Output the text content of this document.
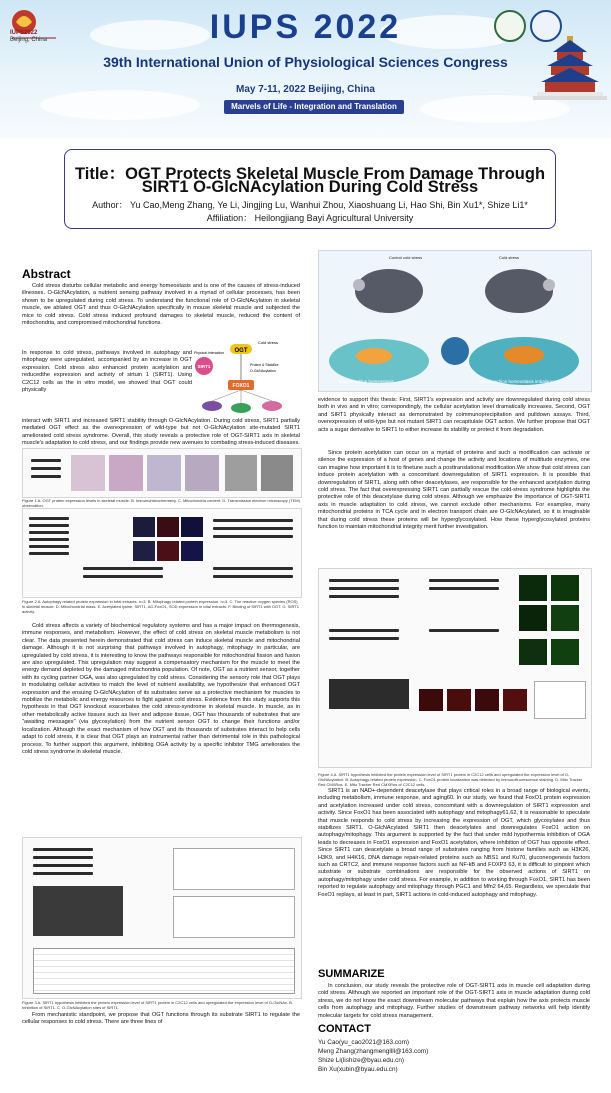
IUPS2022
Beijing, China	IUPS 2022
39th International Union of Physiological Sciences Congress
May 7-11, 2022 Beijing, China
Marvels of Life - Integration and Translation
Title：OGT Protects Skeletal Muscle From Damage Through
SIRT1 O-GlcNAcylation During Cold Stress
Author： Yu Cao,Meng Zhang, Ye Li, Jingjing Lu, Wanhui Zhou, Xiaoshuang Li, Hao Shi, Bin Xu1*, Shize Li1*
Affiliation： Heilongjiang Bayi Agricultural University
Abstract
Cold stress disturbs cellular metabolic and energy homeostasis and is one of the causes of stress-induced illnesses. O-GlcNAcylation, a nutrient sensing pathway involved in a myriad of cellular processes, has been shown to be upregulated during cold stress. To understand the functional role of O-GlcNAcylation in skeletal muscle, we ablated OGT and thus O-GlcNAcylation specifically in mouse skeletal muscle and subjected the mice to cold stress. Cold stress induced profound damages to skeletal muscle, reduced the content of mitochondria, and compromised mitochondrial functions.
In response to cold stress, pathways involved in autophagy and mitophagy were upregulated, accompanied by an increase in OGT expression. Cold stress also enhanced protein acetylation and reducedthe expression and activity of sirtuin 1 (SIRT1). Using C2C12 cells as the in vitro model, we showed that OGT could physically
OGT
Cold stress
SIRT1
Physical interaction
Protect & Stabilize
O-GlcNAcylation
FOXO1
interact with SIRT1 and increased SIRT1 stability through O-GlcNAcylation. During cold stress, SIRT1 partially mediated OGT effect as the overexpression of wild-type but not O-GlcNAcylation site-mutated SIRT1 ameliorated cold stress syndrome. Overall, this study reveals a protective role of OGT-SIRT1 axis in skeletal muscle's adaptation to cold stress, and our findings provide new avenues to combating stress-induced diseases.
Figure 1 A. OGT protein expression levels in skeletal muscle. B. Immunohistochemistry. C. Mitochondria content. D. Transmission electron microscopy (TEM) observation.
Figure 2 A. Autophagy related protein expression in total extracts. n=3. B. Mitophagy related protein expression. n=3. C. The reactive oxygen species (ROS) in skeletal muscle. D. Mitochondrial mass. E. Acetylated lysine, SIRT1, AC-FoxO1, SOD expression in total extracts. F. Binding of SIRT1 with OGT. G. SIRT1 activity.
Cold stress affects a variety of biochemical regulatory systems and has a major impact on thermogenesis, immune responses, and metabolism. However, the effect of cold stress on skeletal muscle metabolism is not clear. The data presented herein demonstrated that cold stress can induce skeletal muscle and mitochondrial damage. Although it is not surprising that pathways involved in autophagy, mitophagy in particular, are upregulated by cold stress, it is interesting to know the pathways responsible for mitochondrial fission and fusion are also upregulated. This upregulation may suggest a compensatory mechanism for the muscle to meet the energy demand depleted by the damaged mitochondria population. Of note, OGT as a nutrient sensor, together with its cycling partner OGA, was also upregulated by cold stress. Considering the sensory role that OGT plays in modulating cellular activities to match the level of nutrient availability, we hypothesize that enhanced OGT expression and the ensuing O-GlcNAcylation of its substrates serve as a protective mechanism for muscles to mobilize the metabolic and energy resources to fight against cold stress. Evidence from this study supports this hypothesis in that OGT knockout exacerbates the cold stress-syndrome in skeletal muscle. In muscle, as in other metabolically active tissues such as liver and adipose tissue, OGT has thousands of substrates that are "awaiting messages" (via glycosylation) from the nutrient sensor OGT to change their functions and/or localization. Although the exact mechanism of how OGT and its thousands of substrates interact to help cells adapt to cold stress, it is clear that OGT plays an instrumental rather than detrimental role in this pathological process. To further support this argument, inhibiting OGA activity by a specific inhibitor TMG ameliorates the cold stress syndrome in skeletal muscle.
Figure 3 A. SIRT1 hypothesis inhibited the protein expression level of SIRT1 protein in C2C12 cells and upregulated the expression level of O-GlcNAc. B. Inhibition of SIRT1. C. O-GlcNAcylation sites of SIRT1.
From mechanistic standpoint, we propose that OGT functions through its substrate SIRT1 to regulate the cellular responses to cold stress. There are three lines of
Control cold stress	Cold stress
Mitochondrion homeostasis	Mitochondrion homeostasis imbalance
evidence to support this thesis: First, SIRT1's expression and activity are downregulated during cold stress both in vivo and in vitro; correspondingly, the cellular acetylation level dramatically increases. Second, OGT and SIRT1 physically interact as demonstrated by coimmunoprecipitation and pulldown assays. Third, overexpression of wild-type but not mutant SIRT1 can recapitulate OGT action. We further propose that OGT acts a sugar derivative to SIRT1 to either increase its stability or protect it from degradation.
Since protein acetylation can occur on a myriad of proteins and such a modification can activate or silence the expression of a host of genes and change the activity and locations of multitude enzymes, one can imagine how important it is to finetune such a posttranslational modification.We show that cold stress can induce protein acetylation with a concomitant downregulation of SIRT1 expression. It is possible that downregulation of SIRT1, along with other deacetylases, are responsible for the enhanced acetylation during cold stress. The fact that overexpressing SIRT1 can partially rescue the cold-stress syndrome highlights the protective role of this deacetylase during cold stress. Although we emphasize the importance of OGT-SIRT1 axis in muscle adaptation to cold stress, we cannot exclude other mechanisms. For examples, many mitochondrial proteins in TCA cycle and in electron transport chain are O-GlcNAcylated, so it is imaginable that during cold stress these proteins will be hyperglycosylated. How these hyperglycosylated proteins function to maintain mitochondrial integrity merit further investigation.
Figure 4 A. SIRT1 hypothesis inhibited the protein expression level of SIRT1 protein in C2C12 cells and upregulated the expression level of O-GlcNAcylation. B. Autophagy-related protein expression. C. FoxO1 protein localization was detected by immunofluorescence staining. D. Mito Tracker Red CMXRos. E. Mito Tracker Red CMXRos of C2C12 cells.
SIRT1 is an NAD+-dependent deacetylase that plays critical roles in a broad range of biological events, including metabolism, immune response, and aging60. In our study, we found that FoxO1 protein expression and acetylation increased under cold stress, concomitant with a downregulation of SIRT1 expression and activity. Since FoxO1 has been associated with autophagy and mitophagy61,62, it is reasonable to speculate that muscle responds to cold stress by increasing the expression of OGT, which glycosylates and thus stabilizes SIRT1. O-GlcNAcylated SIRT1 then deacetylates and downregulates FoxO1 action on autophagy/mitophagy. This argument is supported by the fact that under mild hypothermia inhibition of OGA leads to decreases in FoxO1 expression and FoxO1 acetylation, where inhibition of OGT has opposite effect. Since SIRT1 can deacetylate a broad range of substrates ranging from histone families such as H3K26, H3K9, and H4K16, DNA damage repair-related proteins such as NBS1 and Ku70, gluconeogenesis factors such as CRTC2, and immune response factors such as NF-kB and FOXP3 63, it is difficult to pinpoint which substrate or substrate combinations are responsible for the observed actions of SIRT1 on autophagy/mitophagy under cold stress. For example, in addition to working through FoxO1, SIRT1 has been reported to regulate autophagy and mitophagy through PGC1 and Mfn2 64,65. Regardless, we speculate that FoxO1 replays, at least in part, SIRT1 actions in cold-induced autophagy and mitophagy.
SUMMARIZE
In conclusion, our study reveals the protective role of OGT-SIRT1 axis in muscle cell adaptation during cold stress. Although we reported an important role of the OGT-SIRT1 axis in muscle adaptation during cold stress, we do not know the exact downstream molecular pathways that explain how the axis protects muscle cells from autophagy and mitophagy. Further studies of downstream pathway networks will help identify molecular targets for cold stress management.
CONTACT
Yu Cao(yu_cao2021@163.com)
Meng Zhang(zhangmengllll@163.com)
Shize Li(lishize@byau.edu.cn)
Bin Xu(xubin@byau.edu.cn)
